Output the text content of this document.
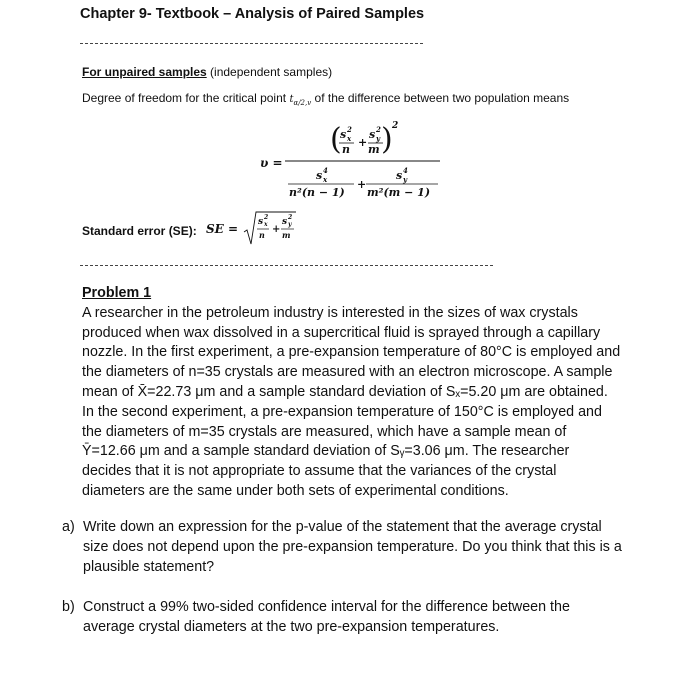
Chapter 9- Textbook – Analysis of Paired Samples
For unpaired samples (independent samples)
Degree of freedom for the critical point $t_{\alpha/2,v}$ of the difference between two population means
υ =
( ) 2
s x
2
n
+
s y
2
m
s x
4
n²(n − 1)
+
s y
4
m²(m − 1)
SE = s x
2
n +
s y
2
m
Standard error (SE):

Problem 1

A researcher in the petroleum industry is interested in the sizes of wax crystals produced when wax dissolved in a supercritical fluid is sprayed through a capillary nozzle. In the first experiment, a pre-expansion temperature of 80°C is employed and the diameters of n=35 crystals are measured with an electron microscope. A sample mean of X̄=22.73 μm and a sample standard deviation of Sₓ=5.20 μm are obtained. In the second experiment, a pre-expansion temperature of 150°C is employed and the diameters of m=35 crystals are measured, which have a sample mean of Ȳ=12.66 μm and a sample standard deviation of Sᵧ=3.06 μm. The researcher decides that it is not appropriate to assume that the variances of the crystal diameters are the same under both sets of experimental conditions.

a) Write down an expression for the p-value of the statement that the average crystal size does not depend upon the pre-expansion temperature. Do you think that this is a plausible statement?
b) Construct a 99% two-sided confidence interval for the difference between the average crystal diameters at the two pre-expansion temperatures.
